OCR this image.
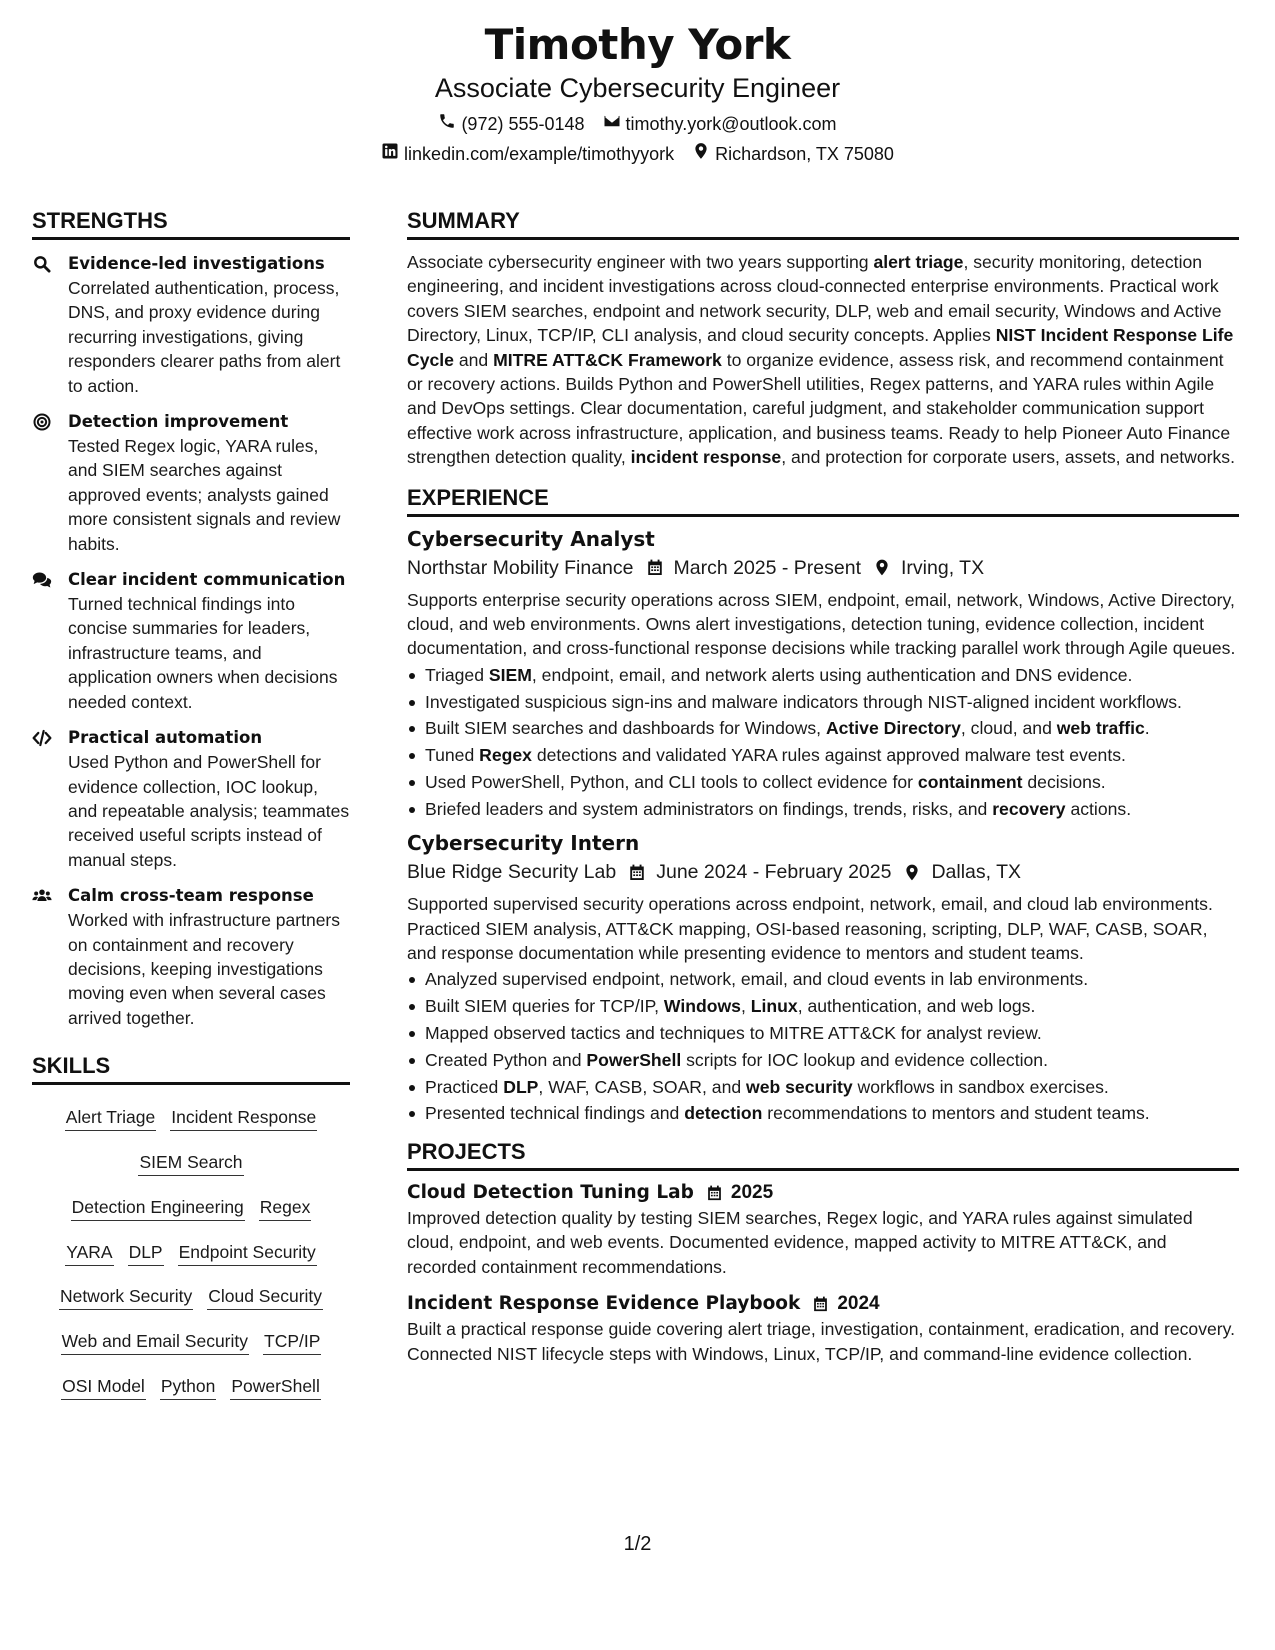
Timothy York
Associate Cybersecurity Engineer
(972) 555-0148 timothy.york@outlook.com
linkedin.com/example/timothyyork Richardson, TX 75080
STRENGTHS
Evidence-led investigations
Correlated authentication, process, DNS, and proxy evidence during recurring investigations, giving responders clearer paths from alert to action.
Detection improvement
Tested Regex logic, YARA rules, and SIEM searches against approved events; analysts gained more consistent signals and review habits.
Clear incident communication
Turned technical findings into concise summaries for leaders, infrastructure teams, and application owners when decisions needed context.
Practical automation
Used Python and PowerShell for evidence collection, IOC lookup, and repeatable analysis; teammates received useful scripts instead of manual steps.
Calm cross-team response
Worked with infrastructure partners on containment and recovery decisions, keeping investigations moving even when several cases arrived together.
SKILLS
Alert Triage Incident Response
SIEM Search
Detection Engineering Regex
YARA DLP Endpoint Security
Network Security Cloud Security
Web and Email Security TCP/IP
OSI Model Python PowerShell
SUMMARY
Associate cybersecurity engineer with two years supporting alert triage, security monitoring, detection engineering, and incident investigations across cloud-connected enterprise environments. Practical work covers SIEM searches, endpoint and network security, DLP, web and email security, Windows and Active Directory, Linux, TCP/IP, CLI analysis, and cloud security concepts. Applies NIST Incident Response Life Cycle and MITRE ATT&CK Framework to organize evidence, assess risk, and recommend containment or recovery actions. Builds Python and PowerShell utilities, Regex patterns, and YARA rules within Agile and DevOps settings. Clear documentation, careful judgment, and stakeholder communication support effective work across infrastructure, application, and business teams. Ready to help Pioneer Auto Finance strengthen detection quality, incident response, and protection for corporate users, assets, and networks.
EXPERIENCE
Cybersecurity Analyst
Northstar Mobility Finance March 2025 - Present Irving, TX
Supports enterprise security operations across SIEM, endpoint, email, network, Windows, Active Directory, cloud, and web environments. Owns alert investigations, detection tuning, evidence collection, incident documentation, and cross-functional response decisions while tracking parallel work through Agile queues.
Triaged SIEM, endpoint, email, and network alerts using authentication and DNS evidence.
Investigated suspicious sign-ins and malware indicators through NIST-aligned incident workflows.
Built SIEM searches and dashboards for Windows, Active Directory, cloud, and web traffic.
Tuned Regex detections and validated YARA rules against approved malware test events.
Used PowerShell, Python, and CLI tools to collect evidence for containment decisions.
Briefed leaders and system administrators on findings, trends, risks, and recovery actions.
Cybersecurity Intern
Blue Ridge Security Lab June 2024 - February 2025 Dallas, TX
Supported supervised security operations across endpoint, network, email, and cloud lab environments. Practiced SIEM analysis, ATT&CK mapping, OSI-based reasoning, scripting, DLP, WAF, CASB, SOAR, and response documentation while presenting evidence to mentors and student teams.
Analyzed supervised endpoint, network, email, and cloud events in lab environments.
Built SIEM queries for TCP/IP, Windows, Linux, authentication, and web logs.
Mapped observed tactics and techniques to MITRE ATT&CK for analyst review.
Created Python and PowerShell scripts for IOC lookup and evidence collection.
Practiced DLP, WAF, CASB, SOAR, and web security workflows in sandbox exercises.
Presented technical findings and detection recommendations to mentors and student teams.
PROJECTS
Cloud Detection Tuning Lab 2025
Improved detection quality by testing SIEM searches, Regex logic, and YARA rules against simulated cloud, endpoint, and web events. Documented evidence, mapped activity to MITRE ATT&CK, and recorded containment recommendations.
Incident Response Evidence Playbook 2024
Built a practical response guide covering alert triage, investigation, containment, eradication, and recovery. Connected NIST lifecycle steps with Windows, Linux, TCP/IP, and command-line evidence collection.
1/2
